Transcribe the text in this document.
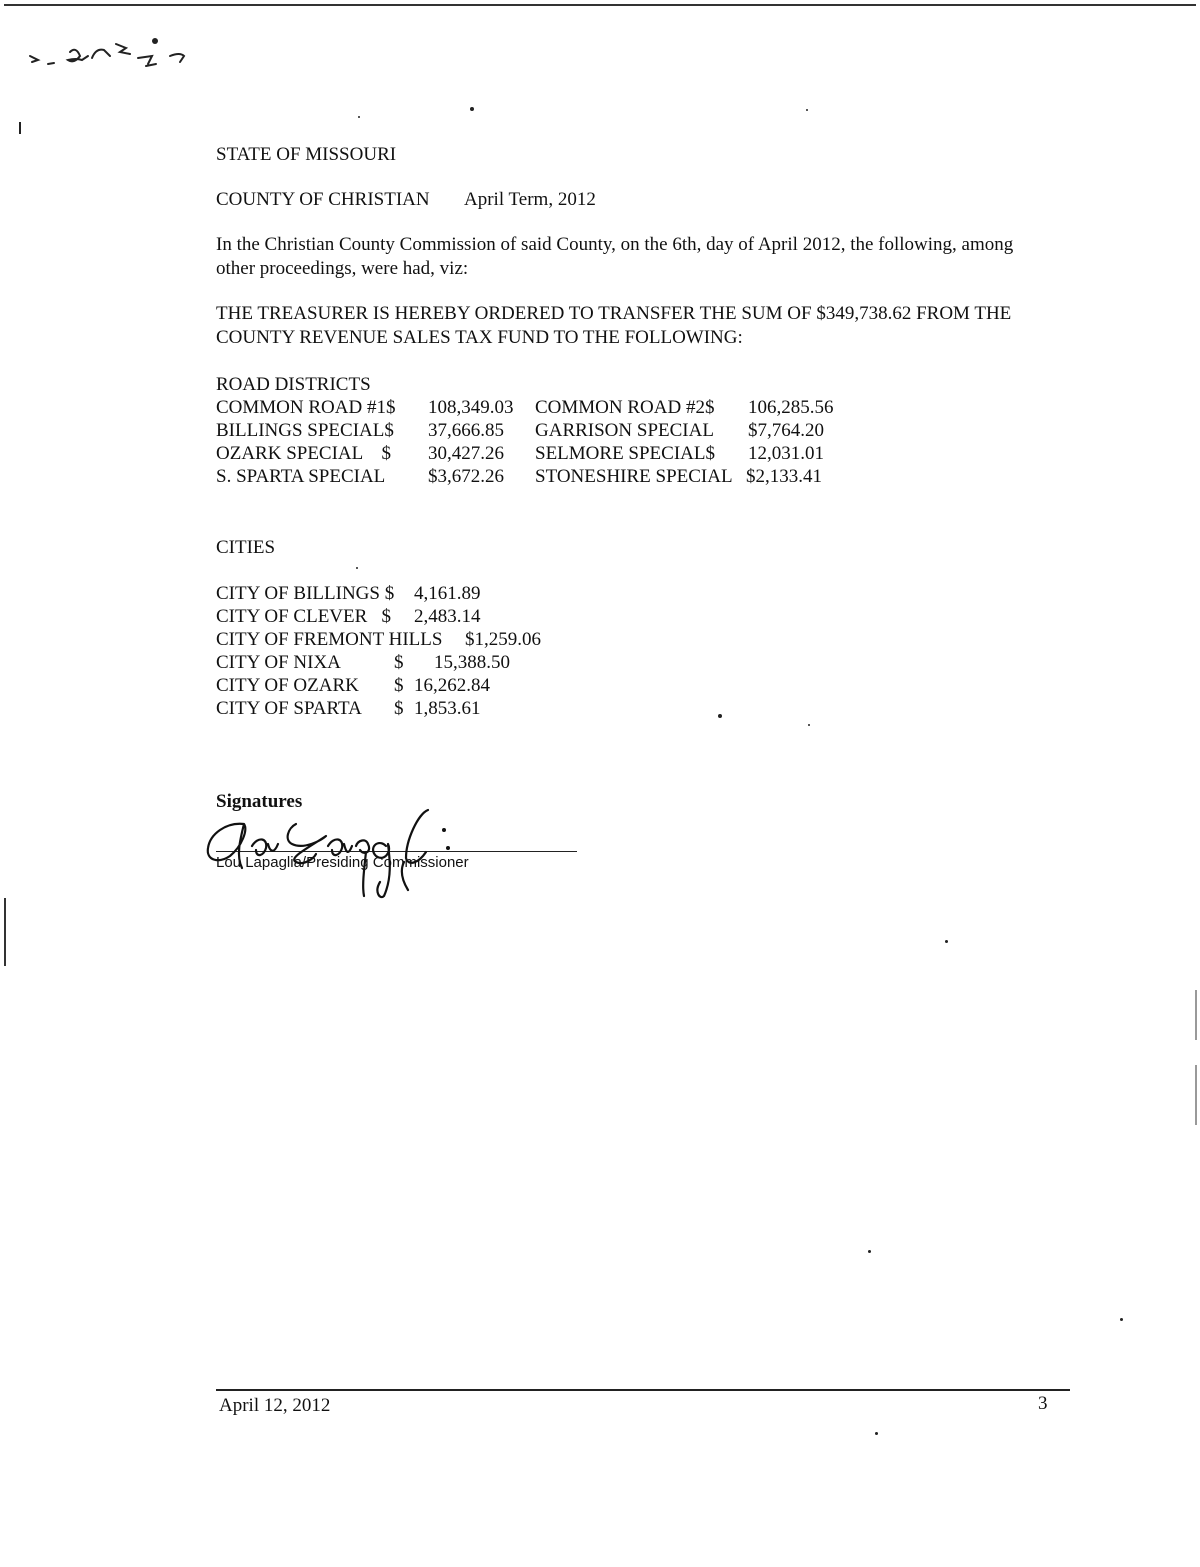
STATE OF MISSOURI
COUNTY OF CHRISTIAN April Term, 2012
In the Christian County Commission of said County, on the 6th, day of April 2012, the following, among
other proceedings, were had, viz:
THE TREASURER IS HEREBY ORDERED TO TRANSFER THE SUM OF $349,738.62 FROM THE
COUNTY REVENUE SALES TAX FUND TO THE FOLLOWING:
ROAD DISTRICTS
COMMON ROAD #1$ 108,349.03 COMMON ROAD #2$ 106,285.56
BILLINGS SPECIAL$ 37,666.85 GARRISON SPECIAL $7,764.20
OZARK SPECIAL    $ 30,427.26 SELMORE SPECIAL$ 12,031.01
S. SPARTA SPECIAL $3,672.26 STONESHIRE SPECIAL $2,133.41
CITIES
CITY OF BILLINGS $ 4,161.89
CITY OF CLEVER   $ 2,483.14
CITY OF FREMONT HILLS $1,259.06
CITY OF NIXA	$ 15,388.50
CITY OF OZARK $ 16,262.84
CITY OF SPARTA $ 1,853.61
Signatures
Lou Lapaglia/Presiding Commissioner
April 12, 2012	3
